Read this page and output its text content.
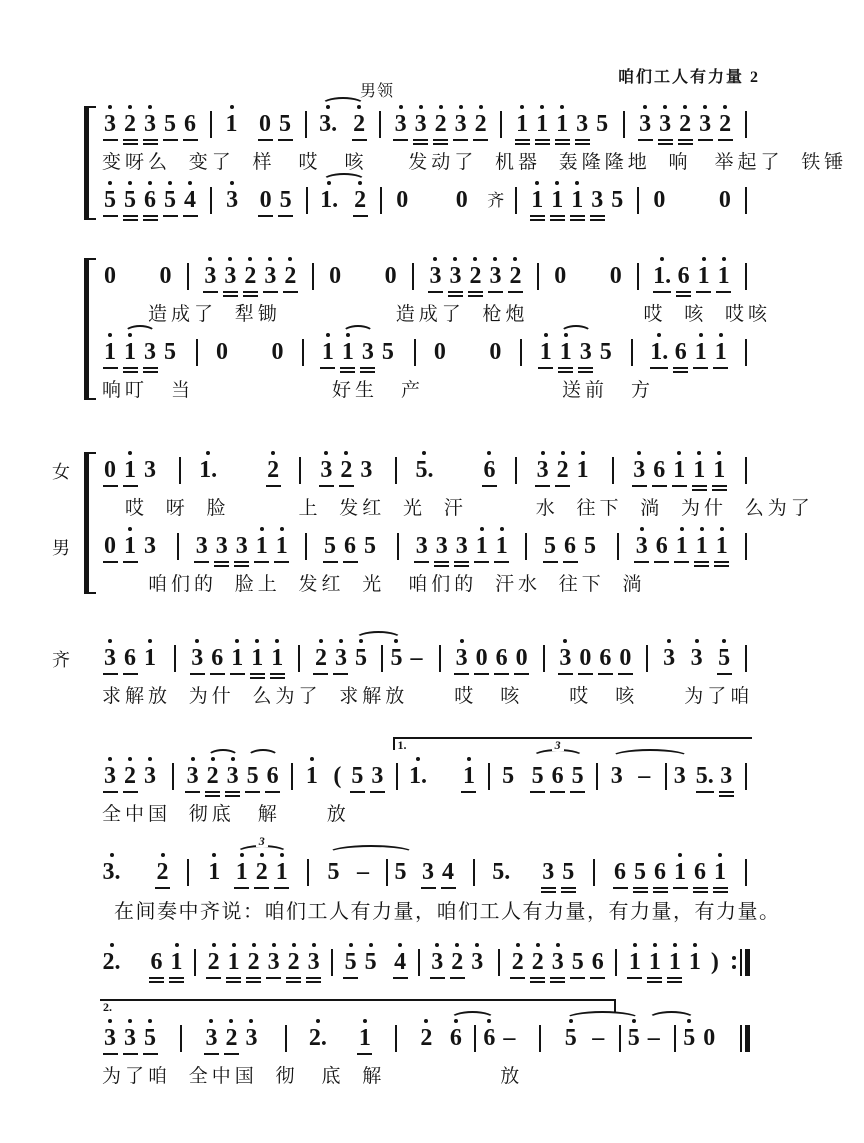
咱们工人有力量 2
男领
3 2 3 5 6 1 0 5 3. 2 3 3 2 3 2 1 1 1 3 5 3 3 2 3 2
变呀么 变了 样　哎　咳　 发动了 机器 轰隆隆地 响　举起了 铁锤
5 5 6 5 4 3 0 5 1. 2 0 0 齐 1 1 1 3 5 0 0
0 0 3 3 2 3 2 0 0 3 3 2 3 2 0 0 1. 6 1 1
　　造成了 犁锄　　　　　造成了 枪炮　　　　　哎 咳 哎咳
1 1 3 5 0 0 1 1 3 5 0 0 1 1 3 5 1. 6 1 1
响叮　当　　　　　　好生　产　　　　　　送前　方
女 0 1 3 1. 2 3 2 3 5. 6 3 2 1 3 6 1 1 1
　哎 呀 脸　　　上 发红 光 汗　　　水 往下 淌 为什 么为了
男 0 1 3 3 3 3 1 1 5 6 5 3 3 3 1 1 5 6 5 3 6 1 1 1
　　咱们的 脸上 发红 光　咱们的 汗水 往下 淌
齐 3 6 1 3 6 1 1 1 2 3 5 5 – 3 0 6 0 3 0 6 0 3 3 5
求解放 为什 么为了 求解放　　哎　咳　　哎　咳　　为了咱
1.
3 2 3 3 2 3 5 6 1 ( 5 3 1. 1 5
3
5 6 5 3 – 3 5. 3
全中国 彻底　解　　放
3. 2 1
3
1 2 1 5 – 5 3 4 5. 3 5 6 5 6 1 6 1
在间奏中齐说：咱们工人有力量，咱们工人有力量，有力量，有力量。
2. 6 1 2 1 2 3 2 3 5 5 4 3 2 3 2 2 3 5 6 1 1 1 1 )
2.
3 3 5 3 2 3 2. 1 2 6 6 – 5 – 5 – 5 0
为了咱 全中国 彻　底 解　　　　　放
